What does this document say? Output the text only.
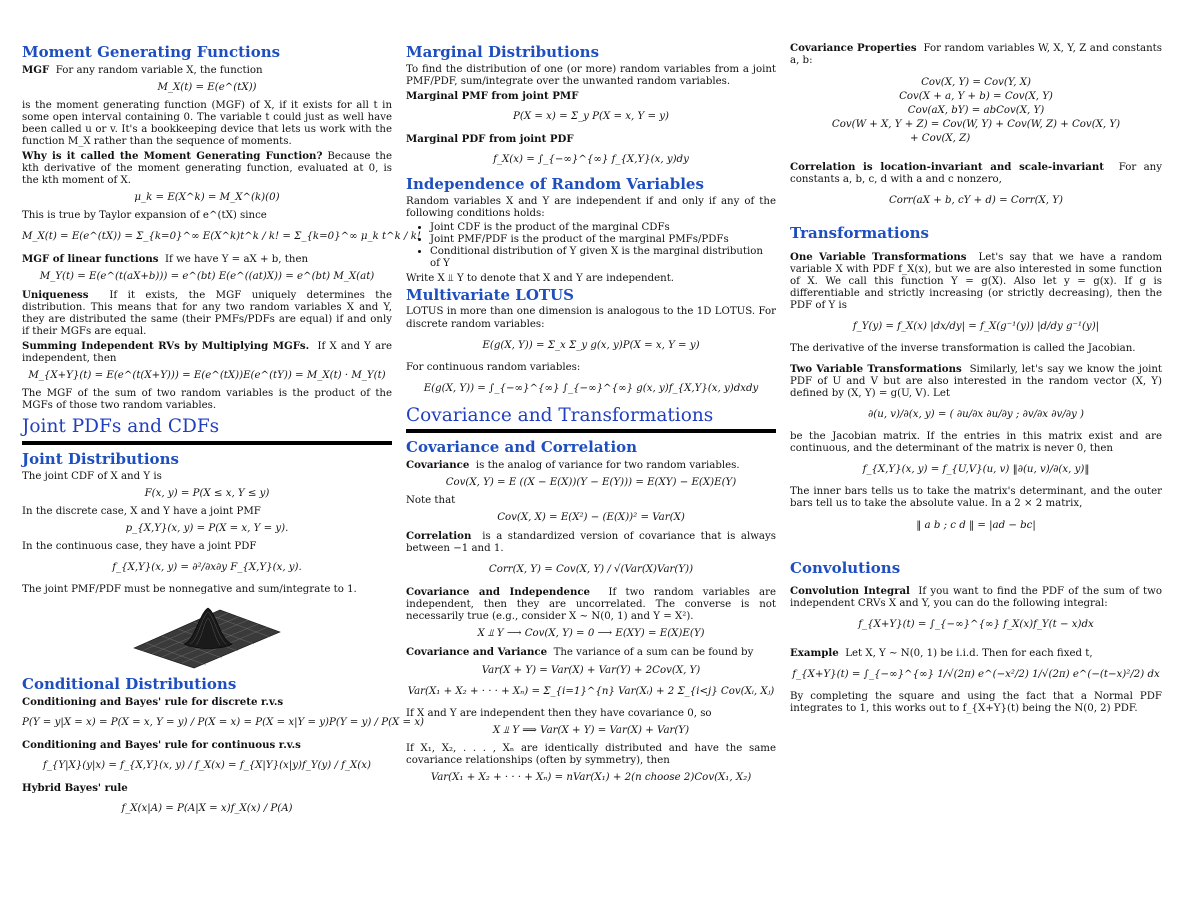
Moment Generating Functions

MGF For any random variable X, the function

M_X(t) = E(e^(tX))

is the moment generating function (MGF) of X, if it exists for all t in some open interval containing 0. The variable t could just as well have been called u or v. It's a bookkeeping device that lets us work with the function M_X rather than the sequence of moments.

Why is it called the Moment Generating Function? Because the kth derivative of the moment generating function, evaluated at 0, is the kth moment of X.

μ_k = E(X^k) = M_X^(k)(0)

This is true by Taylor expansion of e^(tX) since

M_X(t) = E(e^(tX)) = Σ_{k=0}^∞ E(X^k)t^k / k! = Σ_{k=0}^∞ μ_k t^k / k!

MGF of linear functions If we have Y = aX + b, then

M_Y(t) = E(e^(t(aX+b))) = e^(bt) E(e^((at)X)) = e^(bt) M_X(at)

Uniqueness If it exists, the MGF uniquely determines the distribution. This means that for any two random variables X and Y, they are distributed the same (their PMFs/PDFs are equal) if and only if their MGFs are equal.

Summing Independent RVs by Multiplying MGFs. If X and Y are independent, then

M_{X+Y}(t) = E(e^(t(X+Y))) = E(e^(tX))E(e^(tY)) = M_X(t) · M_Y(t)

The MGF of the sum of two random variables is the product of the MGFs of those two random variables.

Joint PDFs and CDFs
Joint Distributions

The joint CDF of X and Y is

F(x, y) = P(X ≤ x, Y ≤ y)

In the discrete case, X and Y have a joint PMF

p_{X,Y}(x, y) = P(X = x, Y = y).

In the continuous case, they have a joint PDF

f_{X,Y}(x, y) = ∂²/∂x∂y F_{X,Y}(x, y).

The joint PMF/PDF must be nonnegative and sum/integrate to 1.

Conditional Distributions

Conditioning and Bayes' rule for discrete r.v.s

P(Y = y|X = x) = P(X = x, Y = y) / P(X = x) = P(X = x|Y = y)P(Y = y) / P(X = x)

Conditioning and Bayes' rule for continuous r.v.s

f_{Y|X}(y|x) = f_{X,Y}(x, y) / f_X(x) = f_{X|Y}(x|y)f_Y(y) / f_X(x)

Hybrid Bayes' rule

f_X(x|A) = P(A|X = x)f_X(x) / P(A)
Marginal Distributions

To find the distribution of one (or more) random variables from a joint PMF/PDF, sum/integrate over the unwanted random variables.

Marginal PMF from joint PMF

P(X = x) = Σ_y P(X = x, Y = y)

Marginal PDF from joint PDF

f_X(x) = ∫_{−∞}^{∞} f_{X,Y}(x, y)dy
Independence of Random Variables

Random variables X and Y are independent if and only if any of the following conditions holds:

• Joint CDF is the product of the marginal CDFs
• Joint PMF/PDF is the product of the marginal PMFs/PDFs
• Conditional distribution of Y given X is the marginal distribution of Y

Write X ⫫ Y to denote that X and Y are independent.

Multivariate LOTUS

LOTUS in more than one dimension is analogous to the 1D LOTUS. For discrete random variables:

E(g(X, Y)) = Σ_x Σ_y g(x, y)P(X = x, Y = y)

For continuous random variables:

E(g(X, Y)) = ∫_{−∞}^{∞} ∫_{−∞}^{∞} g(x, y)f_{X,Y}(x, y)dxdy
Covariance and Transformations
Covariance and Correlation

Covariance is the analog of variance for two random variables.

Cov(X, Y) = E ((X − E(X))(Y − E(Y))) = E(XY) − E(X)E(Y)

Note that

Cov(X, X) = E(X²) − (E(X))² = Var(X)

Correlation is a standardized version of covariance that is always between −1 and 1.

Corr(X, Y) = Cov(X, Y) / √(Var(X)Var(Y))

Covariance and Independence If two random variables are independent, then they are uncorrelated. The converse is not necessarily true (e.g., consider X ∼ N(0, 1) and Y = X²).

X ⫫ Y ⟶ Cov(X, Y) = 0 ⟶ E(XY) = E(X)E(Y)

Covariance and Variance The variance of a sum can be found by

Var(X + Y) = Var(X) + Var(Y) + 2Cov(X, Y)
Var(X₁ + X₂ + · · · + Xₙ) = Σ_{i=1}^{n} Var(Xᵢ) + 2 Σ_{i<j} Cov(Xᵢ, Xⱼ)

If X and Y are independent then they have covariance 0, so

X ⫫ Y ⟹ Var(X + Y) = Var(X) + Var(Y)

If X₁, X₂, . . . , Xₙ are identically distributed and have the same covariance relationships (often by symmetry), then

Var(X₁ + X₂ + · · · + Xₙ) = nVar(X₁) + 2(n choose 2)Cov(X₁, X₂)

Covariance Properties For random variables W, X, Y, Z and constants a, b:

Cov(X, Y) = Cov(Y, X)
Cov(X + a, Y + b) = Cov(X, Y)
Cov(aX, bY) = abCov(X, Y)
Cov(W + X, Y + Z) = Cov(W, Y) + Cov(W, Z) + Cov(X, Y)
+ Cov(X, Z)

Correlation is location-invariant and scale-invariant For any constants a, b, c, d with a and c nonzero,

Corr(aX + b, cY + d) = Corr(X, Y)
Transformations

One Variable Transformations Let's say that we have a random variable X with PDF f_X(x), but we are also interested in some function of X. We call this function Y = g(X). Also let y = g(x). If g is differentiable and strictly increasing (or strictly decreasing), then the PDF of Y is

f_Y(y) = f_X(x) |dx/dy| = f_X(g⁻¹(y)) |d/dy g⁻¹(y)|

The derivative of the inverse transformation is called the Jacobian.

Two Variable Transformations Similarly, let's say we know the joint PDF of U and V but are also interested in the random vector (X, Y) defined by (X, Y) = g(U, V). Let

∂(u, v)/∂(x, y) = ( ∂u/∂x ∂u/∂y ; ∂v/∂x ∂v/∂y )

be the Jacobian matrix. If the entries in this matrix exist and are continuous, and the determinant of the matrix is never 0, then

f_{X,Y}(x, y) = f_{U,V}(u, v) ‖∂(u, v)/∂(x, y)‖

The inner bars tells us to take the matrix's determinant, and the outer bars tell us to take the absolute value. In a 2 × 2 matrix,

‖ a b ; c d ‖ = |ad − bc|
Convolutions

Convolution Integral If you want to find the PDF of the sum of two independent CRVs X and Y, you can do the following integral:

f_{X+Y}(t) = ∫_{−∞}^{∞} f_X(x)f_Y(t − x)dx

Example Let X, Y ∼ N(0, 1) be i.i.d. Then for each fixed t,

f_{X+Y}(t) = ∫_{−∞}^{∞} 1/√(2π) e^(−x²/2) 1/√(2π) e^(−(t−x)²/2) dx

By completing the square and using the fact that a Normal PDF integrates to 1, this works out to f_{X+Y}(t) being the N(0, 2) PDF.
